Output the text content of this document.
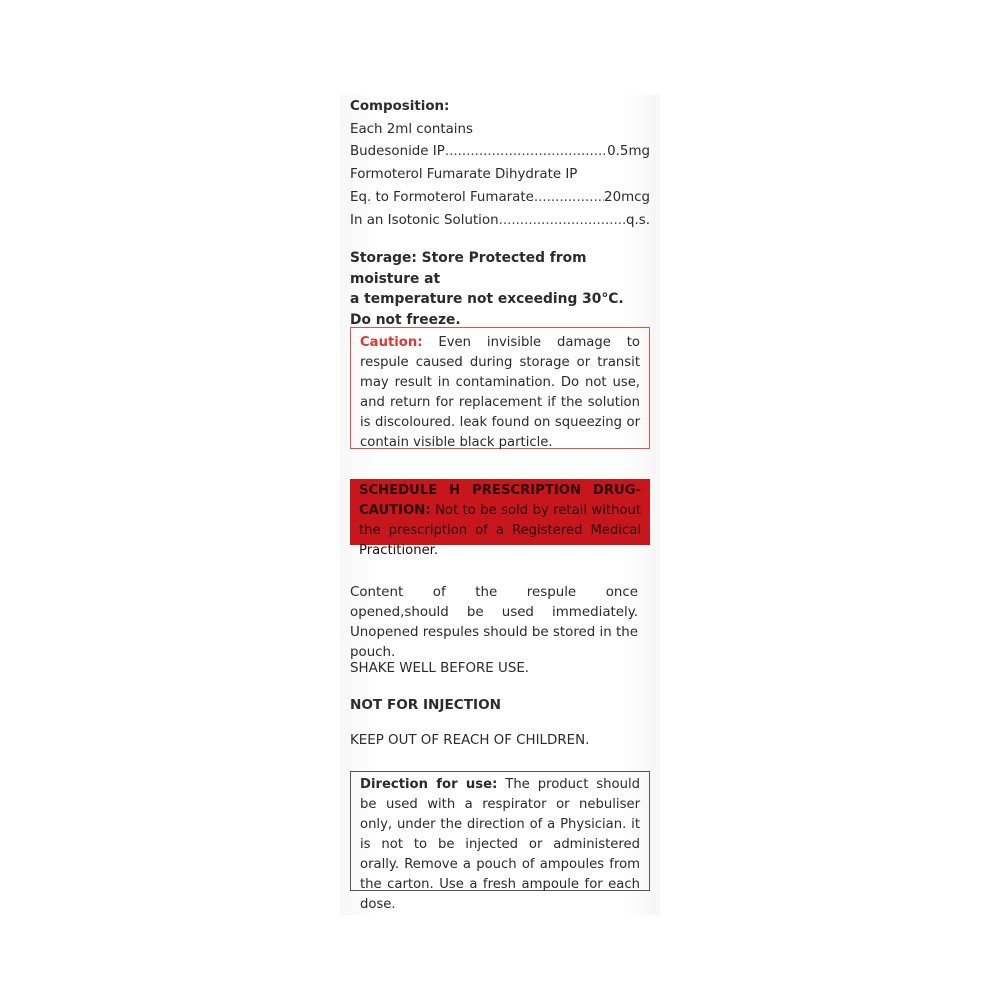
Composition:
Each 2ml contains
Budesonide IP .....	0.5mg
Formoterol Fumarate Dihydrate IP
Eq. to Formoterol Fumarate .....	20mcg
In an Isotonic Solution .....	q.s.
Storage: Store Protected from moisture at
a temperature not exceeding 30°C.
Do not freeze.
Caution: Even invisible damage to respule caused during storage or transit may result in contamination. Do not use, and return for replacement if the solution is discoloured. leak found on squeezing or contain visible black particle.
SCHEDULE H PRESCRIPTION DRUG- CAUTION: Not to be sold by retail without the prescription of a Registered Medical Practitioner.
Content of the respule once opened,should be used immediately. Unopened respules should be stored in the pouch.
SHAKE WELL BEFORE USE.
NOT FOR INJECTION
KEEP OUT OF REACH OF CHILDREN.
Direction for use: The product should be used with a respirator or nebuliser only, under the direction of a Physician. it is not to be injected or administered orally. Remove a pouch of ampoules from the carton. Use a fresh ampoule for each dose.
